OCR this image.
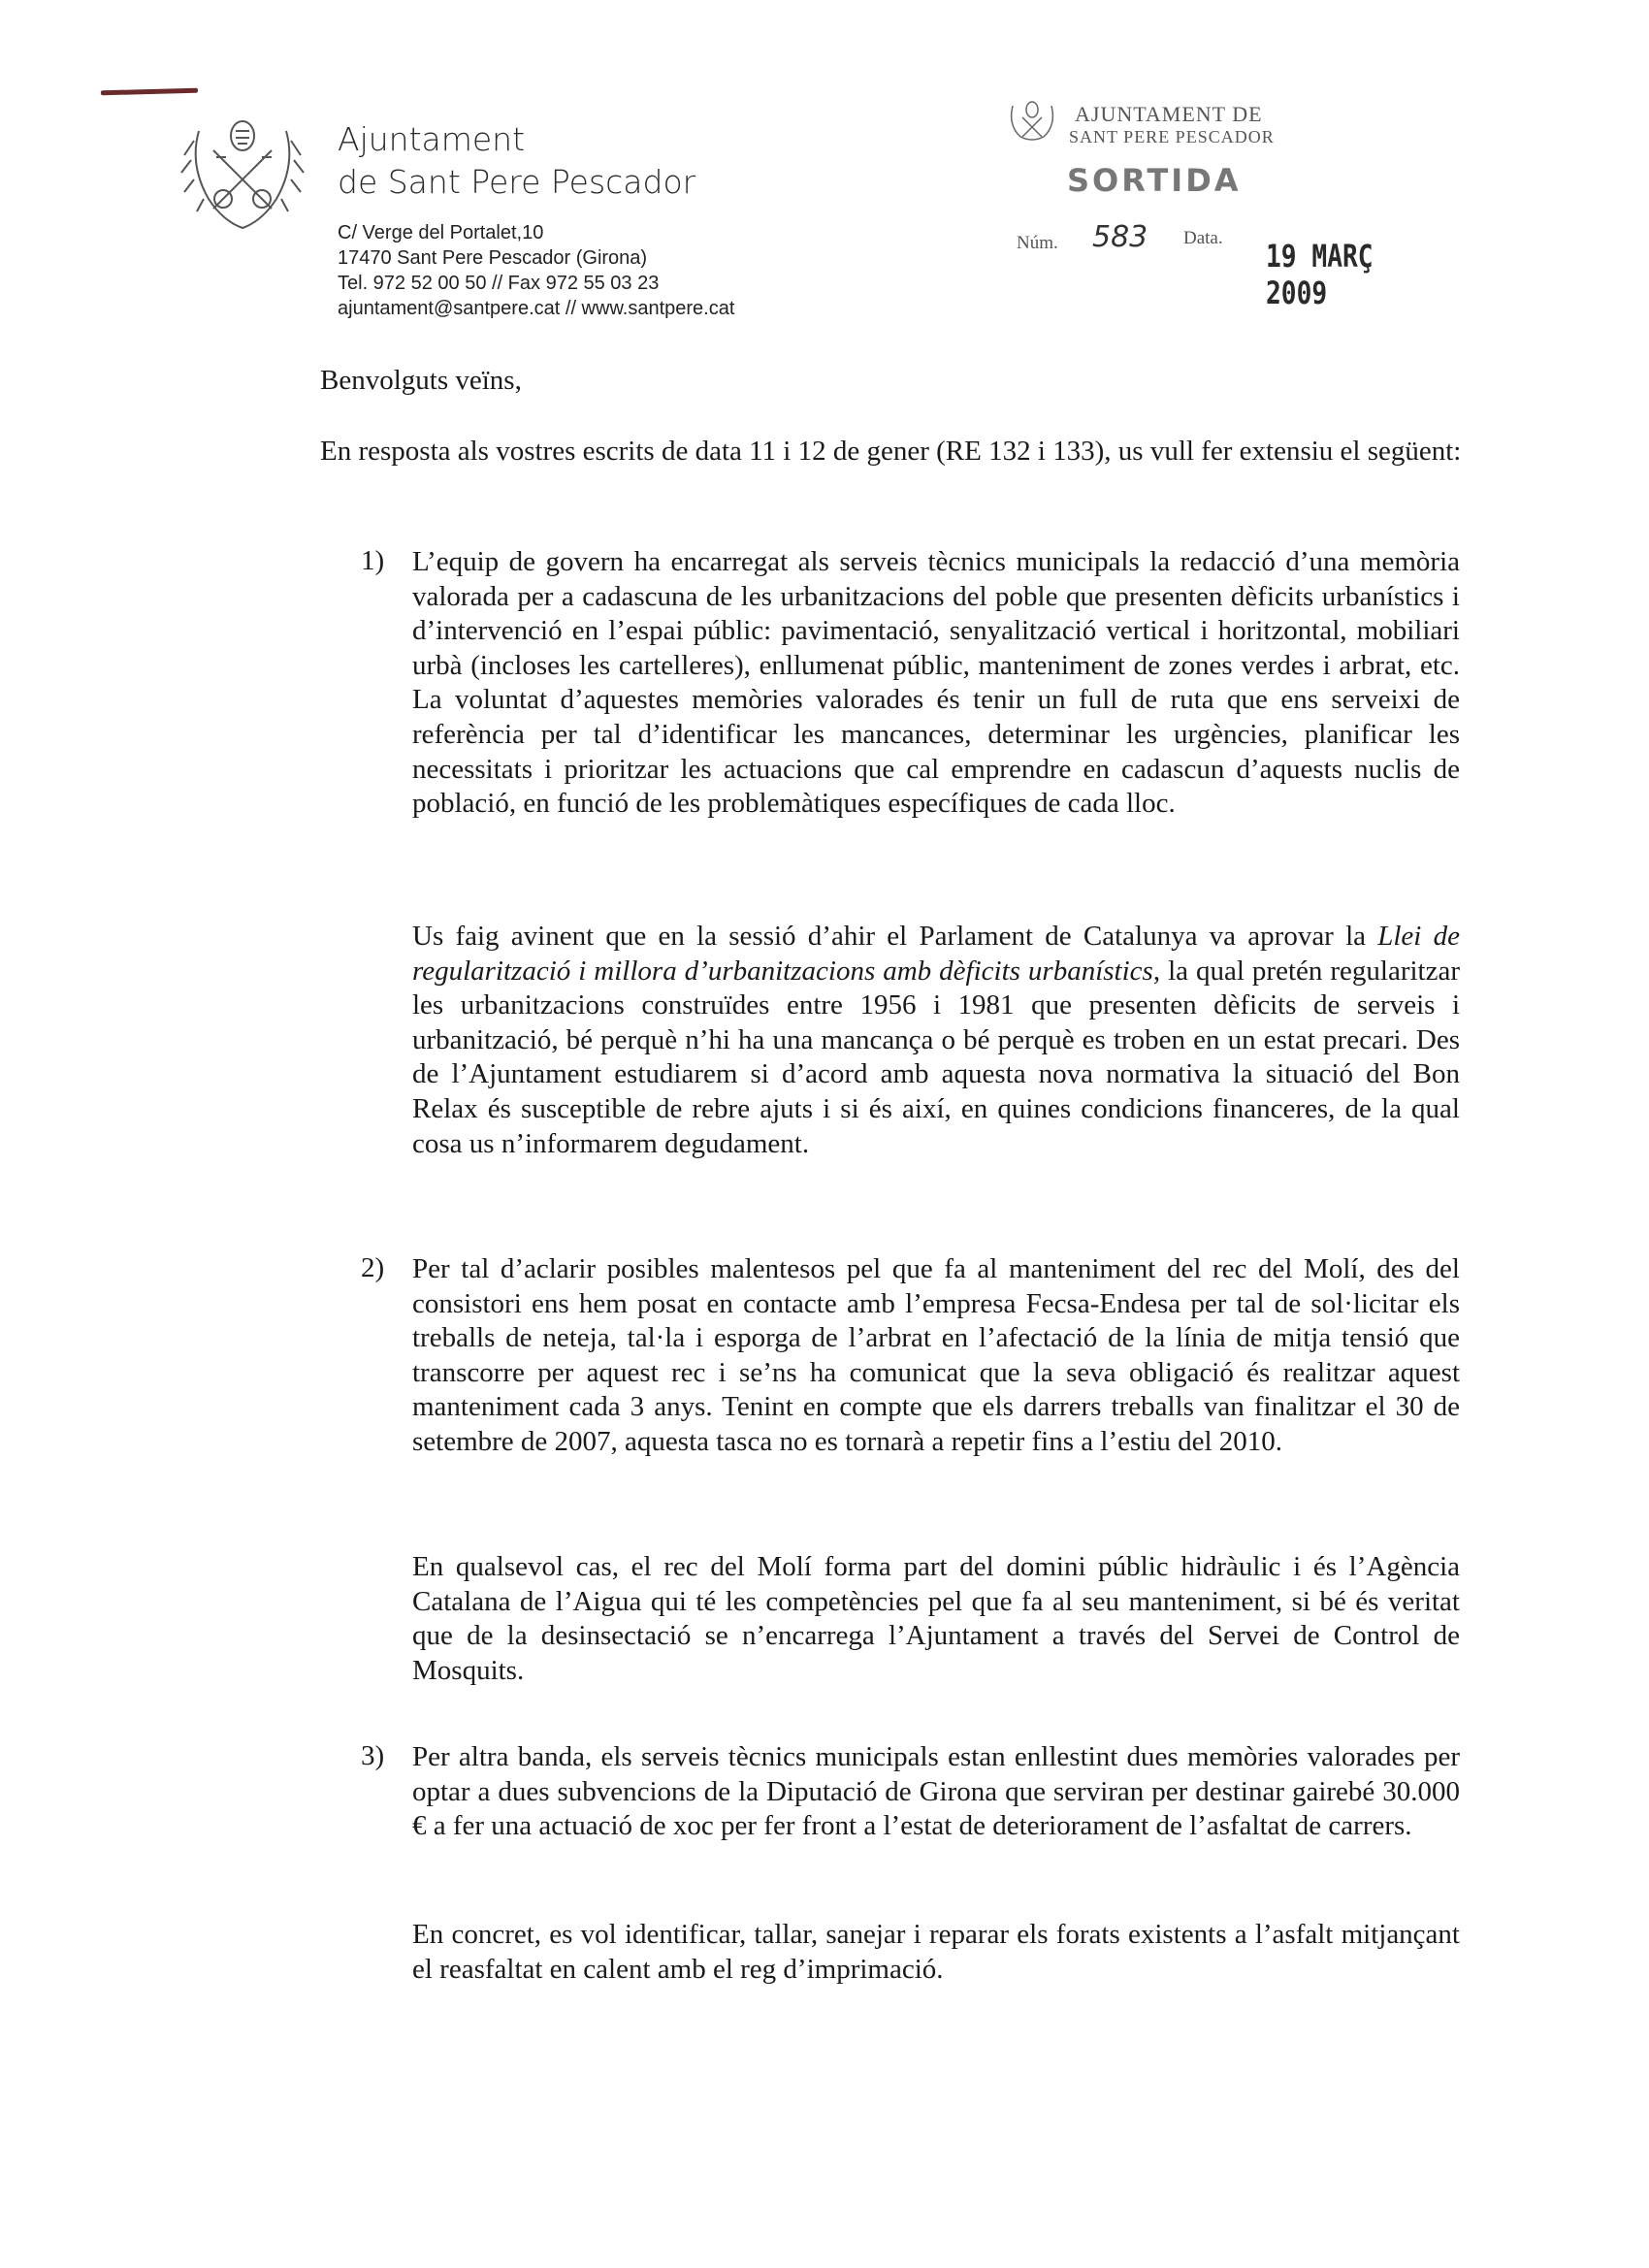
Ajuntament
de Sant Pere Pescador
C/ Verge del Portalet,10
17470 Sant Pere Pescador (Girona)
Tel. 972 52 00 50 // Fax 972 55 03 23
ajuntament@santpere.cat // www.santpere.cat
AJUNTAMENT DE
SANT PERE PESCADOR
SORTIDA
Núm. 583 Data. 19 MARÇ 2009
Benvolguts veïns,
En resposta als vostres escrits de data 11 i 12 de gener (RE 132 i 133), us vull fer extensiu el següent:
1) L’equip de govern ha encarregat als serveis tècnics municipals la redacció d’una memòria valorada per a cadascuna de les urbanitzacions del poble que presenten dèficits urbanístics i d’intervenció en l’espai públic: pavimentació, senyalització vertical i horitzontal, mobiliari urbà (incloses les cartelleres), enllumenat públic, manteniment de zones verdes i arbrat, etc. La voluntat d’aquestes memòries valorades és tenir un full de ruta que ens serveixi de referència per tal d’identificar les mancances, determinar les urgències, planificar les necessitats i prioritzar les actuacions que cal emprendre en cadascun d’aquests nuclis de població, en funció de les problemàtiques específiques de cada lloc.
Us faig avinent que en la sessió d’ahir el Parlament de Catalunya va aprovar la Llei de regularització i millora d’urbanitzacions amb dèficits urbanístics, la qual pretén regularitzar les urbanitzacions construïdes entre 1956 i 1981 que presenten dèficits de serveis i urbanització, bé perquè n’hi ha una mancança o bé perquè es troben en un estat precari. Des de l’Ajuntament estudiarem si d’acord amb aquesta nova normativa la situació del Bon Relax és susceptible de rebre ajuts i si és així, en quines condicions financeres, de la qual cosa us n’informarem degudament.
2) Per tal d’aclarir posibles malentesos pel que fa al manteniment del rec del Molí, des del consistori ens hem posat en contacte amb l’empresa Fecsa-Endesa per tal de sol·licitar els treballs de neteja, tal·la i esporga de l’arbrat en l’afectació de la línia de mitja tensió que transcorre per aquest rec i se’ns ha comunicat que la seva obligació és realitzar aquest manteniment cada 3 anys. Tenint en compte que els darrers treballs van finalitzar el 30 de setembre de 2007, aquesta tasca no es tornarà a repetir fins a l’estiu del 2010.
En qualsevol cas, el rec del Molí forma part del domini públic hidràulic i és l’Agència Catalana de l’Aigua qui té les competències pel que fa al seu manteniment, si bé és veritat que de la desinsectació se n’encarrega l’Ajuntament a través del Servei de Control de Mosquits.
3) Per altra banda, els serveis tècnics municipals estan enllestint dues memòries valorades per optar a dues subvencions de la Diputació de Girona que serviran per destinar gairebé 30.000 € a fer una actuació de xoc per fer front a l’estat de deteriorament de l’asfaltat de carrers.
En concret, es vol identificar, tallar, sanejar i reparar els forats existents a l’asfalt mitjançant el reasfaltat en calent amb el reg d’imprimació.
